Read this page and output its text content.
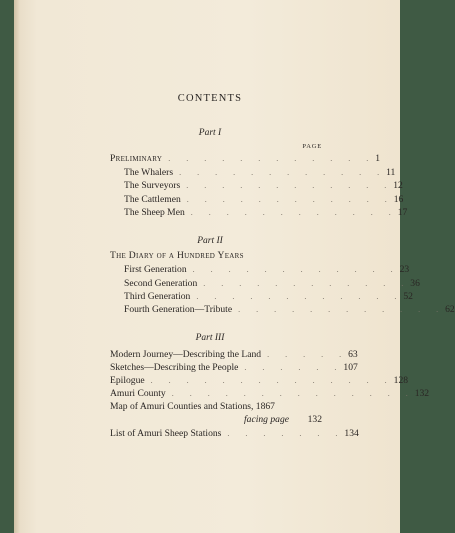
CONTENTS
Part I
PAGE
Preliminary . . . . . . . . . . . . 1
The Whalers . . . . . . . . . . . . 11
The Surveyors . . . . . . . . . . . . 12
The Cattlemen . . . . . . . . . . . . 16
The Sheep Men . . . . . . . . . . . . 17
Part II
The Diary of a Hundred Years
First Generation . . . . . . . . . . . . 23
Second Generation . . . . . . . . . . . . 36
Third Generation . . . . . . . . . . . . 52
Fourth Generation—Tribute . . . . . . . . . . . . 62
Part III
Modern Journey—Describing the Land . . . . . 63
Sketches—Describing the People . . . . . . 107
Epilogue . . . . . . . . . . . . . . 128
Amuri County . . . . . . . . . . . . . . 132
Map of Amuri Counties and Stations, 1867
facing page	132
List of Amuri Sheep Stations . . . . . . . 134
